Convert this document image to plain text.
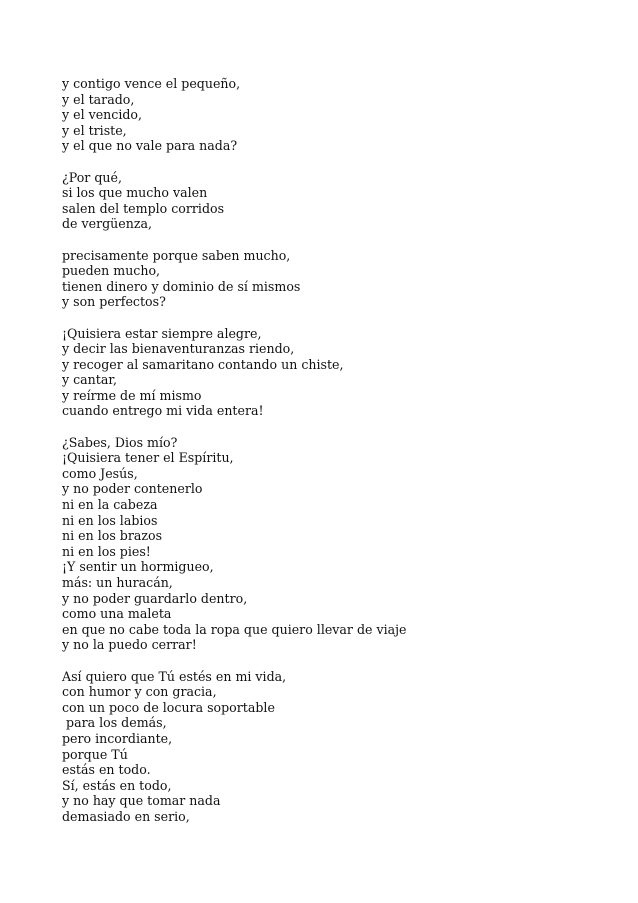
y contigo vence el pequeño,
y el tarado,
y el vencido,
y el triste,
y el que no vale para nada?
¿Por qué,
si los que mucho valen
salen del templo corridos
de vergüenza,
precisamente porque saben mucho,
pueden mucho,
tienen dinero y dominio de sí mismos
y son perfectos?
¡Quisiera estar siempre alegre,
y decir las bienaventuranzas riendo,
y recoger al samaritano contando un chiste,
y cantar,
y reírme de mí mismo
cuando entrego mi vida entera!
¿Sabes, Dios mío?
¡Quisiera tener el Espíritu,
como Jesús,
y no poder contenerlo
ni en la cabeza
ni en los labios
ni en los brazos
ni en los pies!
¡Y sentir un hormigueo,
más: un huracán,
y no poder guardarlo dentro,
como una maleta
en que no cabe toda la ropa que quiero llevar de viaje
y no la puedo cerrar!
Así quiero que Tú estés en mi vida,
con humor y con gracia,
con un poco de locura soportable
para los demás,
pero incordiante,
porque Tú
estás en todo.
Sí, estás en todo,
y no hay que tomar nada
demasiado en serio,
